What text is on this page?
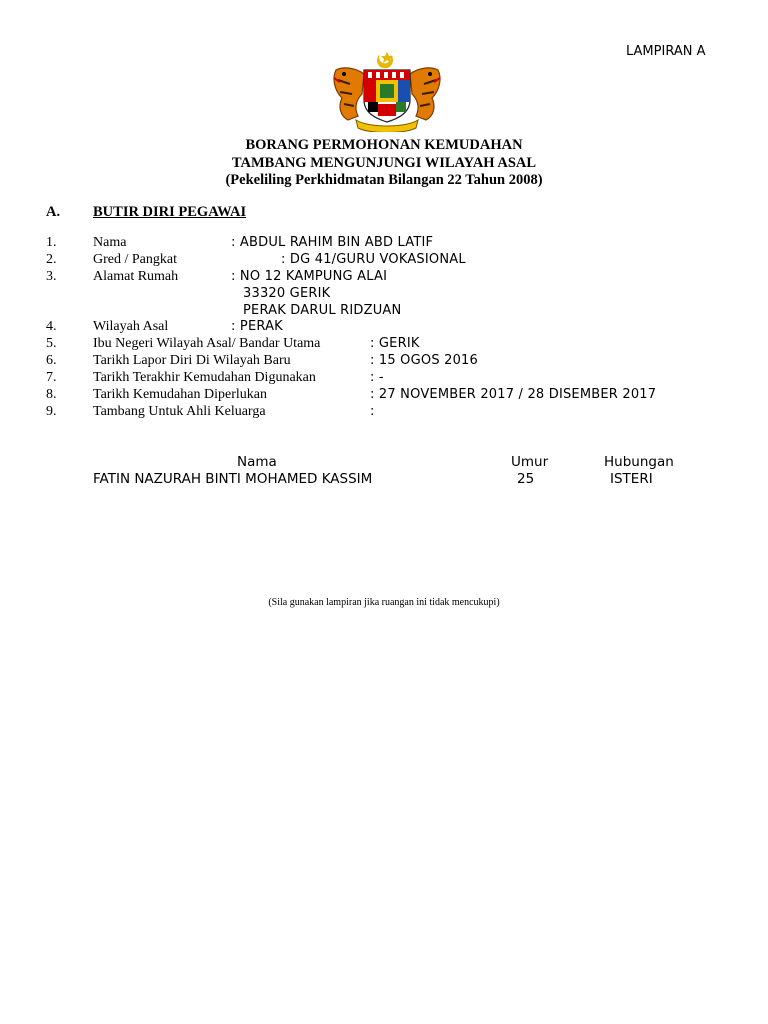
LAMPIRAN A
BORANG PERMOHONAN KEMUDAHAN
TAMBANG MENGUNJUNGI WILAYAH ASAL
(Pekeliling Perkhidmatan Bilangan 22 Tahun 2008)
A. BUTIR DIRI PEGAWAI
1.	Nama	: ABDUL RAHIM BIN ABD LATIF
2.	Gred / Pangkat	: DG 41/GURU VOKASIONAL
3.	Alamat Rumah	: NO 12 KAMPUNG ALAI
33320 GERIK
PERAK DARUL RIDZUAN
4.	Wilayah Asal	: PERAK
5.	Ibu Negeri Wilayah Asal/ Bandar Utama	: GERIK
6.	Tarikh Lapor Diri Di Wilayah Baru	: 15 OGOS 2016
7.	Tarikh Terakhir Kemudahan Digunakan	: -
8.	Tarikh Kemudahan Diperlukan	: 27 NOVEMBER 2017 / 28 DISEMBER 2017
9.	Tambang Untuk Ahli Keluarga	:
Nama	Umur	Hubungan
FATIN NAZURAH BINTI MOHAMED KASSIM	25	ISTERI
(Sila gunakan lampiran jika ruangan ini tidak mencukupi)
